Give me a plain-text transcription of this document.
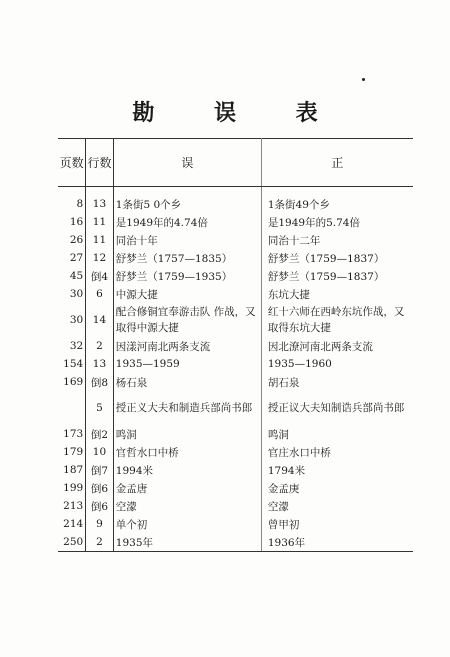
勘 误 表
页数	行数	误	正
8	13	1条街5 0个乡	1条街49个乡
16	11	是1949年的4.74倍	是1949年的5.74倍
26	11	同治十年	同治十二年
27	12	舒梦兰（1757—1835）	舒梦兰（1759—1837）
45	倒4	舒梦兰（1759—1935）	舒梦兰（1759—1837）
30	6	中源大捷	东坑大捷
30	14	配合修铜宜奉游击队 作战，又取得中源大捷	红十六师在西岭东坑作战，又取得东坑大捷
32	2	因漾河南北两条支流	因北潦河南北两条支流
154	13	1935—1959	1935—1960
169	倒8	杨石泉	胡石泉
	5	授正义大夫和制造兵部尚书郎	授正议大夫知制诰兵部尚书郎
173	倒2	鸣洞	鸣洞
179	10	官哲水口中桥	官庄水口中桥
187	倒7	1994米	1794米
199	倒6	金孟唐	金孟庚
213	倒6	空濛	空濛
214	9	单个初	曾甲初
250	2	1935年	1936年
